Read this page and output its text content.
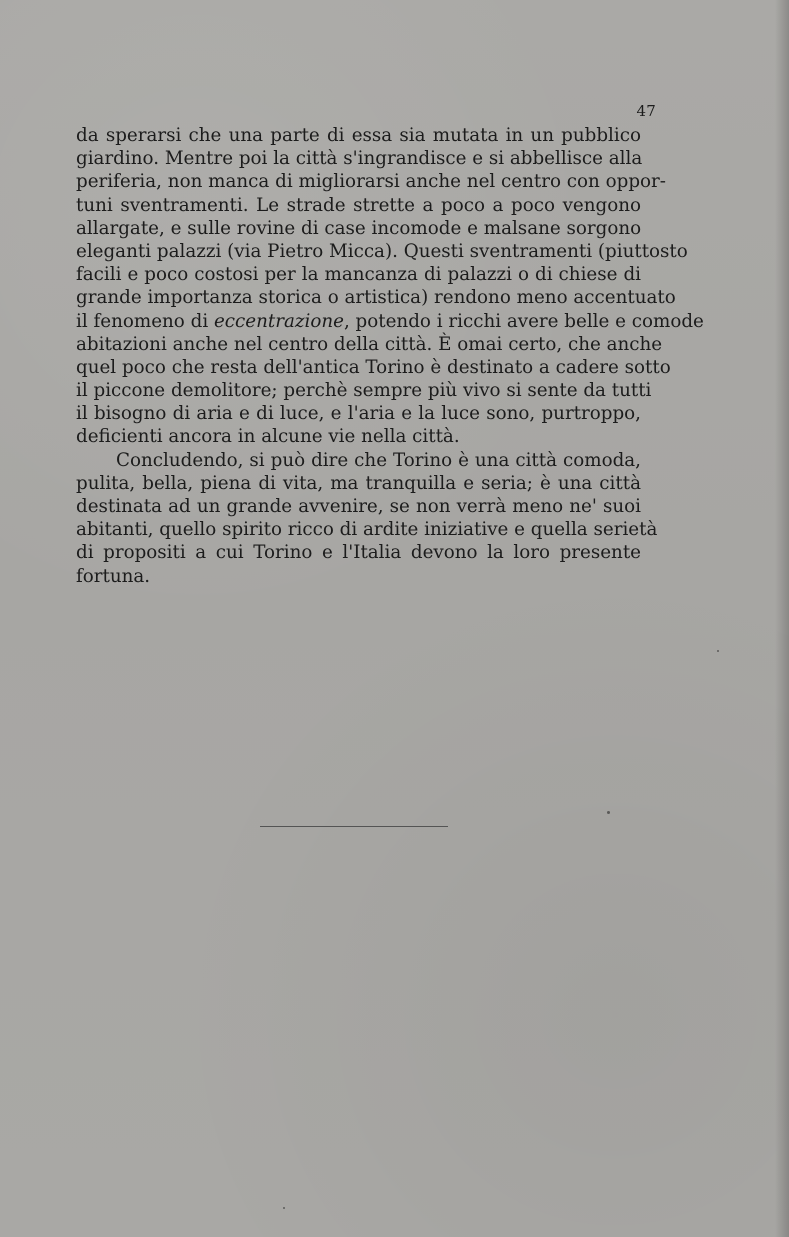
47
da sperarsi che una parte di essa sia mutata in un pubblico
giardino. Mentre poi la città s'ingrandisce e si abbellisce alla
periferia, non manca di migliorarsi anche nel centro con oppor-
tuni sventramenti. Le strade strette a poco a poco vengono
allargate, e sulle rovine di case incomode e malsane sorgono
eleganti palazzi (via Pietro Micca). Questi sventramenti (piuttosto
facili e poco costosi per la mancanza di palazzi o di chiese di
grande importanza storica o artistica) rendono meno accentuato
il fenomeno di eccentrazione, potendo i ricchi avere belle e comode
abitazioni anche nel centro della città. È omai certo, che anche
quel poco che resta dell'antica Torino è destinato a cadere sotto
il piccone demolitore; perchè sempre più vivo si sente da tutti
il bisogno di aria e di luce, e l'aria e la luce sono, purtroppo,
deficienti ancora in alcune vie nella città.
Concludendo, si può dire che Torino è una città comoda,
pulita, bella, piena di vita, ma tranquilla e seria; è una città
destinata ad un grande avvenire, se non verrà meno ne' suoi
abitanti, quello spirito ricco di ardite iniziative e quella serietà
di propositi a cui Torino e l'Italia devono la loro presente
fortuna.
